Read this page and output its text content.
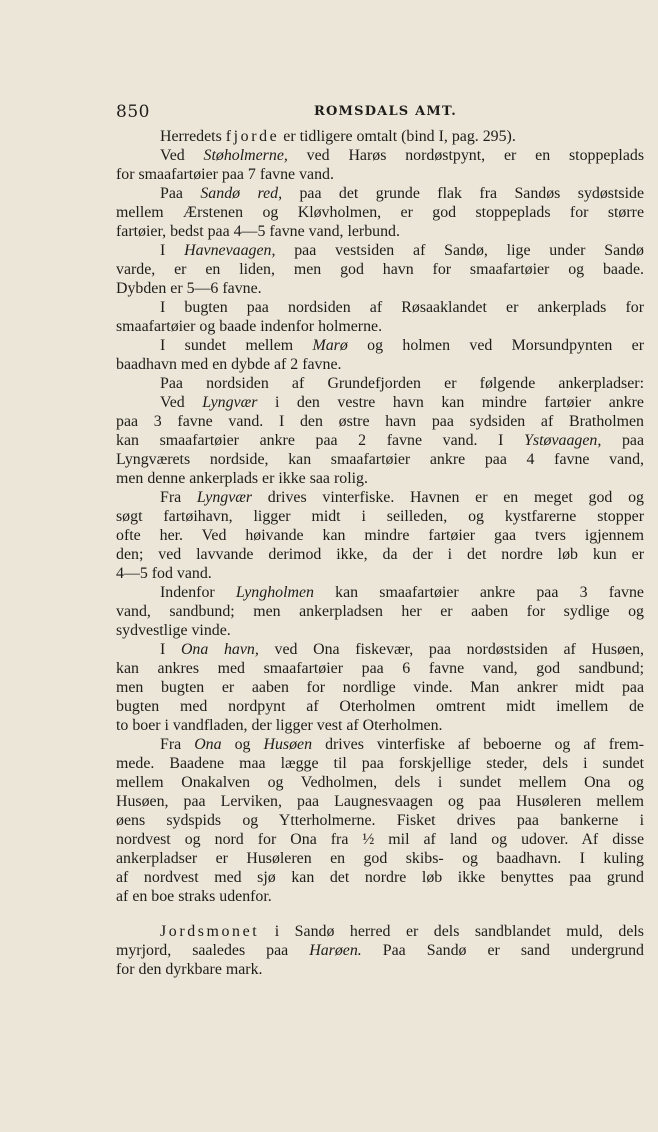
850	ROMSDALS AMT.
Herredets fjorde er tidligere omtalt (bind I, pag. 295).
Ved Støholmerne, ved Harøs nordøstpynt, er en stoppeplads
for smaafartøier paa 7 favne vand.
Paa Sandø red, paa det grunde flak fra Sandøs sydøstside
mellem Ærstenen og Kløvholmen, er god stoppeplads for større
fartøier, bedst paa 4—5 favne vand, lerbund.
I Havnevaagen, paa vestsiden af Sandø, lige under Sandø
varde, er en liden, men god havn for smaafartøier og baade.
Dybden er 5—6 favne.
I bugten paa nordsiden af Røsaaklandet er ankerplads for
smaafartøier og baade indenfor holmerne.
I sundet mellem Marø og holmen ved Morsundpynten er
baadhavn med en dybde af 2 favne.
Paa nordsiden af Grundefjorden er følgende ankerpladser:
Ved Lyngvær i den vestre havn kan mindre fartøier ankre
paa 3 favne vand. I den østre havn paa sydsiden af Bratholmen
kan smaafartøier ankre paa 2 favne vand. I Ystøvaagen, paa
Lyngværets nordside, kan smaafartøier ankre paa 4 favne vand,
men denne ankerplads er ikke saa rolig.
Fra Lyngvær drives vinterfiske. Havnen er en meget god og
søgt fartøihavn, ligger midt i seilleden, og kystfarerne stopper
ofte her. Ved høivande kan mindre fartøier gaa tvers igjennem
den; ved lavvande derimod ikke, da der i det nordre løb kun er
4—5 fod vand.
Indenfor Lyngholmen kan smaafartøier ankre paa 3 favne
vand, sandbund; men ankerpladsen her er aaben for sydlige og
sydvestlige vinde.
I Ona havn, ved Ona fiskevær, paa nordøstsiden af Husøen,
kan ankres med smaafartøier paa 6 favne vand, god sandbund;
men bugten er aaben for nordlige vinde. Man ankrer midt paa
bugten med nordpynt af Oterholmen omtrent midt imellem de
to boer i vandfladen, der ligger vest af Oterholmen.
Fra Ona og Husøen drives vinterfiske af beboerne og af frem-
mede. Baadene maa lægge til paa forskjellige steder, dels i sundet
mellem Onakalven og Vedholmen, dels i sundet mellem Ona og
Husøen, paa Lerviken, paa Laugnesvaagen og paa Husøleren mellem
øens sydspids og Ytterholmerne. Fisket drives paa bankerne i
nordvest og nord for Ona fra ½ mil af land og udover. Af disse
ankerpladser er Husøleren en god skibs- og baadhavn. I kuling
af nordvest med sjø kan det nordre løb ikke benyttes paa grund
af en boe straks udenfor.
Jordsmonet i Sandø herred er dels sandblandet muld, dels
myrjord, saaledes paa Harøen. Paa Sandø er sand undergrund
for den dyrkbare mark.
